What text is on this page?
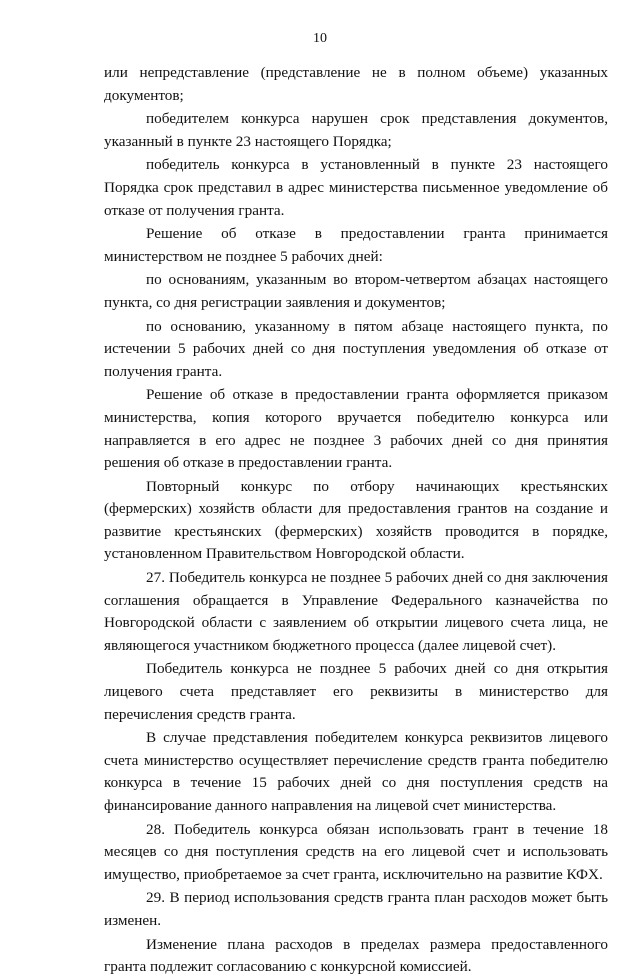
10

или непредставление (представление не в полном объеме) указанных документов;

победителем конкурса нарушен срок представления документов, указанный в пункте 23 настоящего Порядка;

победитель конкурса в установленный в пункте 23 настоящего Порядка срок представил в адрес министерства письменное уведомление об отказе от получения гранта.

Решение об отказе в предоставлении гранта принимается министерством не позднее 5 рабочих дней:

по основаниям, указанным во втором-четвертом абзацах настоящего пункта, со дня регистрации заявления и документов;

по основанию, указанному в пятом абзаце настоящего пункта, по истечении 5 рабочих дней со дня поступления уведомления об отказе от получения гранта.

Решение об отказе в предоставлении гранта оформляется приказом министерства, копия которого вручается победителю конкурса или направляется в его адрес не позднее 3 рабочих дней со дня принятия решения об отказе в предоставлении гранта.

Повторный конкурс по отбору начинающих крестьянских (фермерских) хозяйств области для предоставления грантов на создание и развитие крестьянских (фермерских) хозяйств проводится в порядке, установленном Правительством Новгородской области.

27. Победитель конкурса не позднее 5 рабочих дней со дня заключения соглашения обращается в Управление Федерального казначейства по Новгородской области с заявлением об открытии лицевого счета лица, не являющегося участником бюджетного процесса (далее лицевой счет).

Победитель конкурса не позднее 5 рабочих дней со дня открытия лицевого счета представляет его реквизиты в министерство для перечисления средств гранта.

В случае представления победителем конкурса реквизитов лицевого счета министерство осуществляет перечисление средств гранта победителю конкурса в течение 15 рабочих дней со дня поступления средств на финансирование данного направления на лицевой счет министерства.

28. Победитель конкурса обязан использовать грант в течение 18 месяцев со дня поступления средств на его лицевой счет и использовать имущество, приобретаемое за счет гранта, исключительно на развитие КФХ.

29. В период использования средств гранта план расходов может быть изменен.

Изменение плана расходов в пределах размера предоставленного гранта подлежит согласованию с конкурсной комиссией.
